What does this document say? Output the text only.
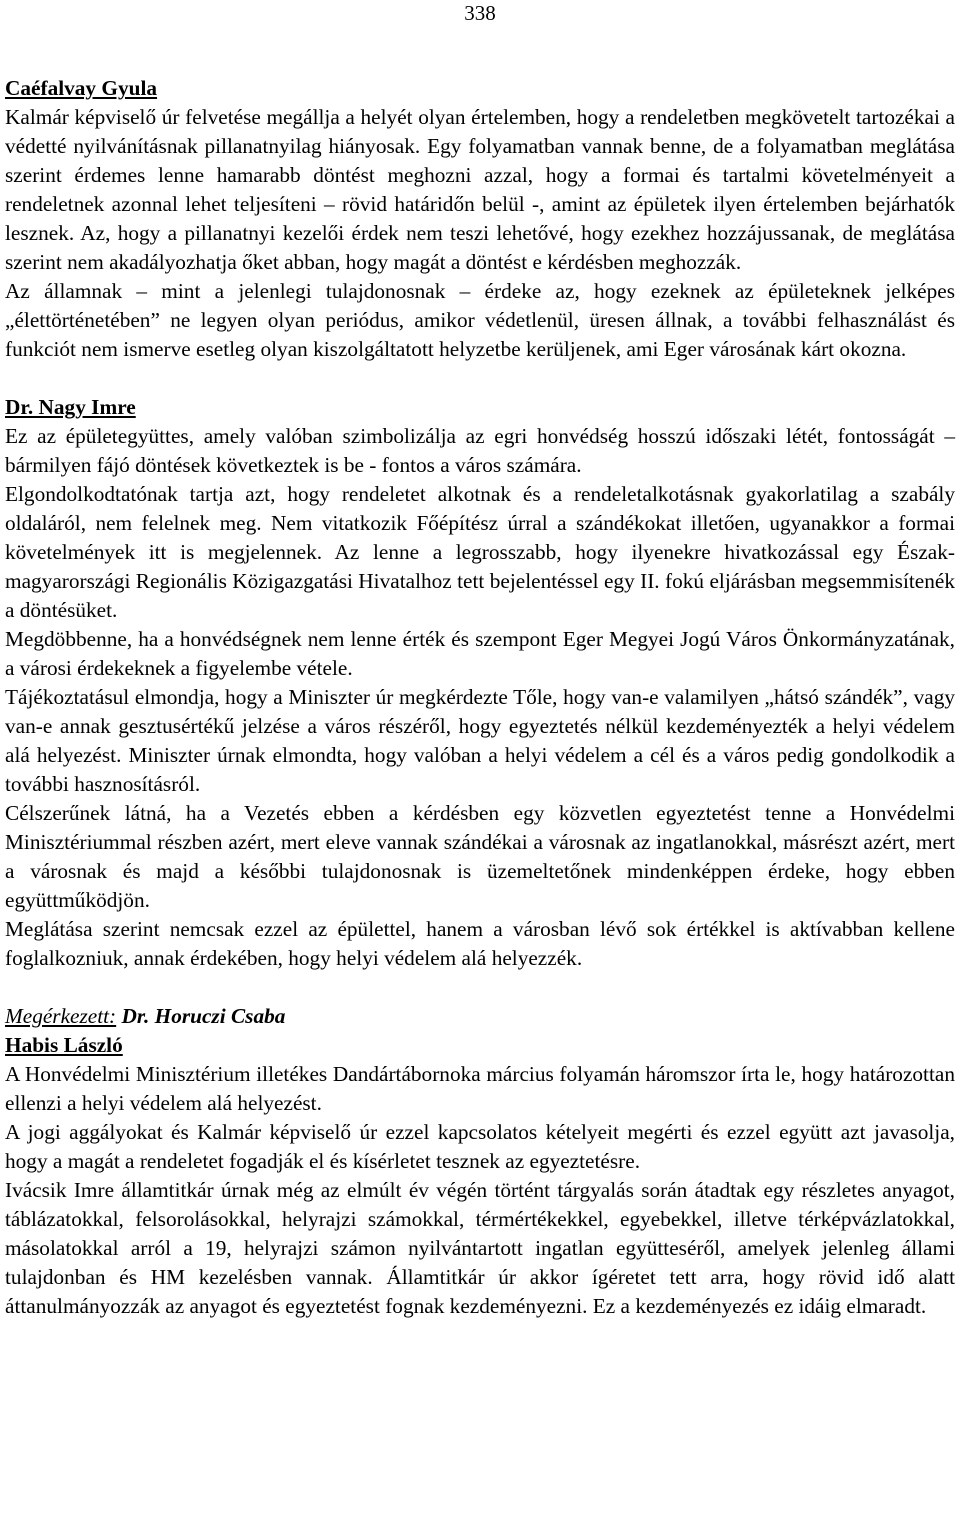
338

Caéfalvay Gyula

Kalmár képviselő úr felvetése megállja a helyét olyan értelemben, hogy a rendeletben megkövetelt tartozékai a védetté nyilvánításnak pillanatnyilag hiányosak. Egy folyamatban vannak benne, de a folyamatban meglátása szerint érdemes lenne hamarabb döntést meghozni azzal, hogy a formai és tartalmi követelményeit a rendeletnek azonnal lehet teljesíteni – rövid határidőn belül -, amint az épületek ilyen értelemben bejárhatók lesznek. Az, hogy a pillanatnyi kezelői érdek nem teszi lehetővé, hogy ezekhez hozzájussanak, de meglátása szerint nem akadályozhatja őket abban, hogy magát a döntést e kérdésben meghozzák.

Az államnak – mint a jelenlegi tulajdonosnak – érdeke az, hogy ezeknek az épületeknek jelképes „élettörténetében” ne legyen olyan periódus, amikor védetlenül, üresen állnak, a további felhasználást és funkciót nem ismerve esetleg olyan kiszolgáltatott helyzetbe kerüljenek, ami Eger városának kárt okozna.

Dr. Nagy Imre

Ez az épületegyüttes, amely valóban szimbolizálja az egri honvédség hosszú időszaki létét, fontosságát – bármilyen fájó döntések következtek is be - fontos a város számára.

Elgondolkodtatónak tartja azt, hogy rendeletet alkotnak és a rendeletalkotásnak gyakorlatilag a szabály oldaláról, nem felelnek meg. Nem vitatkozik Főépítész úrral a szándékokat illetően, ugyanakkor a formai követelmények itt is megjelennek. Az lenne a legrosszabb, hogy ilyenekre hivatkozással egy Észak-magyarországi Regionális Közigazgatási Hivatalhoz tett bejelentéssel egy II. fokú eljárásban megsemmisítenék a döntésüket.

Megdöbbenne, ha a honvédségnek nem lenne érték és szempont Eger Megyei Jogú Város Önkormányzatának, a városi érdekeknek a figyelembe vétele.

Tájékoztatásul elmondja, hogy a Miniszter úr megkérdezte Tőle, hogy van-e valamilyen „hátsó szándék”, vagy van-e annak gesztusértékű jelzése a város részéről, hogy egyeztetés nélkül kezdeményezték a helyi védelem alá helyezést. Miniszter úrnak elmondta, hogy valóban a helyi védelem a cél és a város pedig gondolkodik a további hasznosításról.

Célszerűnek látná, ha a Vezetés ebben a kérdésben egy közvetlen egyeztetést tenne a Honvédelmi Minisztériummal részben azért, mert eleve vannak szándékai a városnak az ingatlanokkal, másrészt azért, mert a városnak és majd a későbbi tulajdonosnak is üzemeltetőnek mindenképpen érdeke, hogy ebben együttműködjön.

Meglátása szerint nemcsak ezzel az épülettel, hanem a városban lévő sok értékkel is aktívabban kellene foglalkozniuk, annak érdekében, hogy helyi védelem alá helyezzék.

Megérkezett: Dr. Horuczi Csaba

Habis László

A Honvédelmi Minisztérium illetékes Dandártábornoka március folyamán háromszor írta le, hogy határozottan ellenzi a helyi védelem alá helyezést.

A jogi aggályokat és Kalmár képviselő úr ezzel kapcsolatos kételyeit megérti és ezzel együtt azt javasolja, hogy a magát a rendeletet fogadják el és kísérletet tesznek az egyeztetésre.

Ivácsik Imre államtitkár úrnak még az elmúlt év végén történt tárgyalás során átadtak egy részletes anyagot, táblázatokkal, felsorolásokkal, helyrajzi számokkal, térmértékekkel, egyebekkel, illetve térképvázlatokkal, másolatokkal arról a 19, helyrajzi számon nyilvántartott ingatlan együtteséről, amelyek jelenleg állami tulajdonban és HM kezelésben vannak. Államtitkár úr akkor ígéretet tett arra, hogy rövid idő alatt áttanulmányozzák az anyagot és egyeztetést fognak kezdeményezni. Ez a kezdeményezés ez idáig elmaradt.
